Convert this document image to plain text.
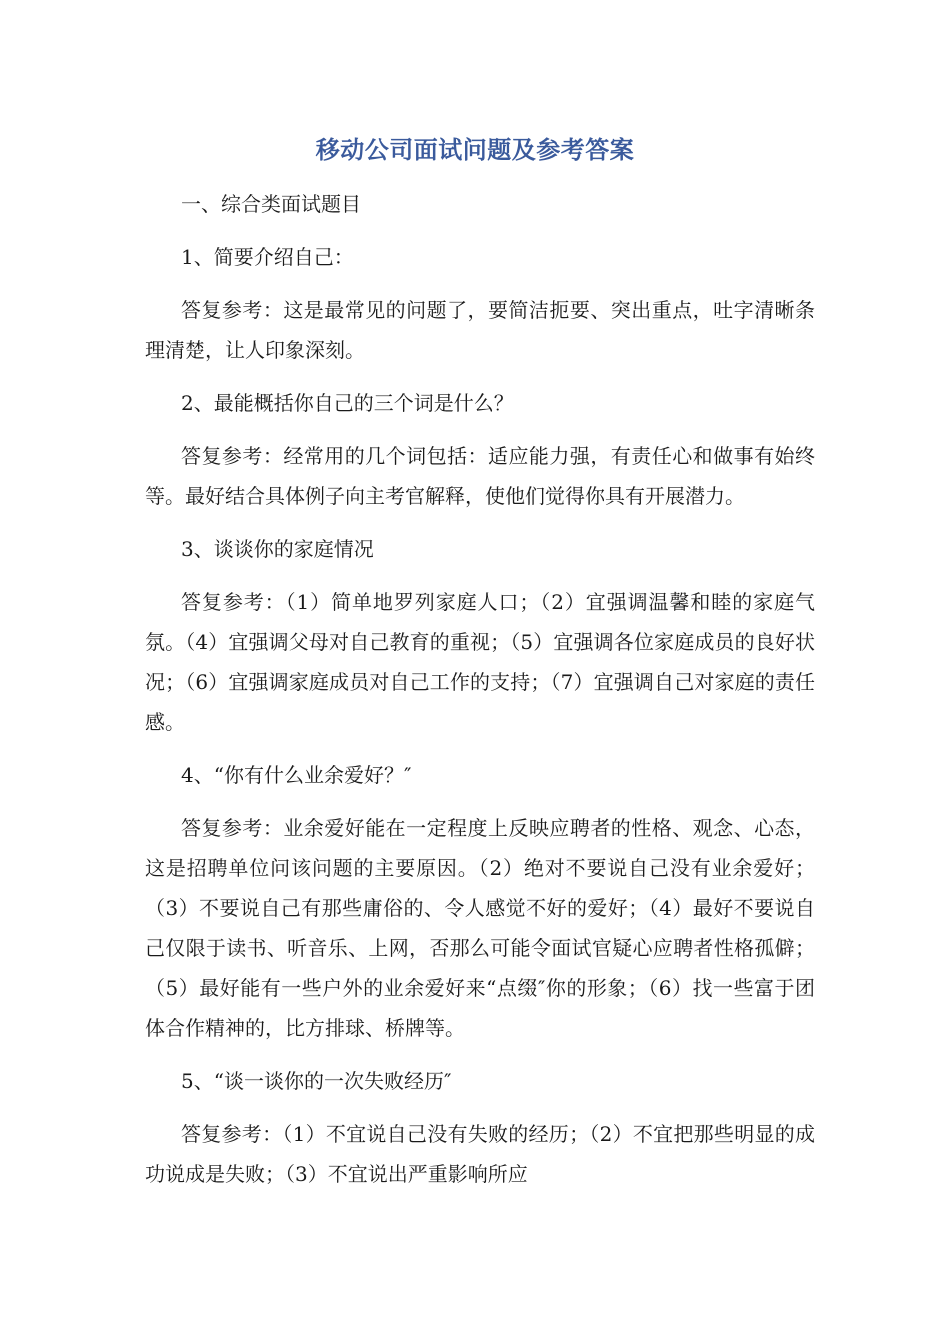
移动公司面试问题及参考答案

一、综合类面试题目

1、简要介绍自己：

答复参考：这是最常见的问题了，要简洁扼要、突出重点，吐字清晰条理清楚，让人印象深刻。

2、最能概括你自己的三个词是什么？

答复参考：经常用的几个词包括：适应能力强，有责任心和做事有始终等。最好结合具体例子向主考官解释，使他们觉得你具有开展潜力。

3、谈谈你的家庭情况

答复参考：（1）简单地罗列家庭人口；（2）宜强调温馨和睦的家庭气氛。（4）宜强调父母对自己教育的重视；（5）宜强调各位家庭成员的良好状况；（6）宜强调家庭成员对自己工作的支持；（7）宜强调自己对家庭的责任感。

4、“你有什么业余爱好？″

答复参考：业余爱好能在一定程度上反映应聘者的性格、观念、心态，这是招聘单位问该问题的主要原因。（2）绝对不要说自己没有业余爱好；（3）不要说自己有那些庸俗的、令人感觉不好的爱好；（4）最好不要说自己仅限于读书、听音乐、上网，否那么可能令面试官疑心应聘者性格孤僻；（5）最好能有一些户外的业余爱好来“点缀″你的形象；（6）找一些富于团体合作精神的，比方排球、桥牌等。

5、“谈一谈你的一次失败经历″

答复参考：（1）不宜说自己没有失败的经历；（2）不宜把那些明显的成功说成是失败；（3）不宜说出严重影响所应
